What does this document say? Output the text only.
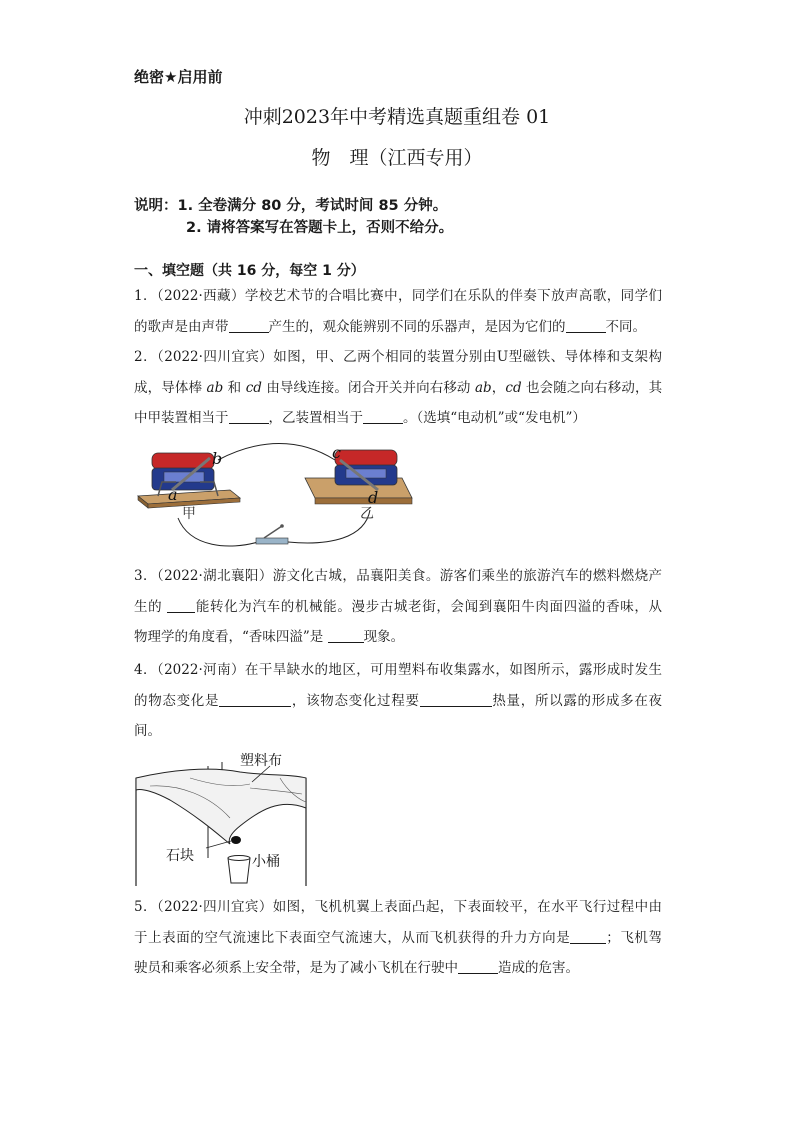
绝密★启用前
冲刺2023年中考精选真题重组卷 01
物　理（江西专用）
说明：1. 全卷满分 80 分，考试时间 85 分钟。
2. 请将答案写在答题卡上，否则不给分。
一、填空题（共 16 分，每空 1 分）
1．（2022·西藏）学校艺术节的合唱比赛中，同学们在乐队的伴奏下放声高歌，同学们
的歌声是由声带	产生的，观众能辨别不同的乐器声，是因为它们的	不同。
2．（2022·四川宜宾）如图，甲、乙两个相同的装置分别由U型磁铁、导体棒和支架构
成，导体棒 ab 和 cd 由导线连接。闭合开关并向右移动 ab，cd 也会随之向右移动，其
中甲装置相当于	，乙装置相当于	。（选填“电动机”或“发电机”）
b
a
甲
c
d
乙
3．（2022·湖北襄阳）游文化古城，品襄阳美食。游客们乘坐的旅游汽车的燃料燃烧产
生的 能转化为汽车的机械能。漫步古城老街，会闻到襄阳牛肉面四溢的香味，从
物理学的角度看，“香味四溢”是	现象。
4．（2022·河南）在干旱缺水的地区，可用塑料布收集露水，如图所示，露形成时发生
的物态变化是	，该物态变化过程要	热量，所以露的形成多在夜
间。
塑料布
石块	小桶
5．（2022·四川宜宾）如图，飞机机翼上表面凸起，下表面较平，在水平飞行过程中由
于上表面的空气流速比下表面空气流速大，从而飞机获得的升力方向是	；飞机驾
驶员和乘客必须系上安全带，是为了减小飞机在行驶中	造成的危害。
